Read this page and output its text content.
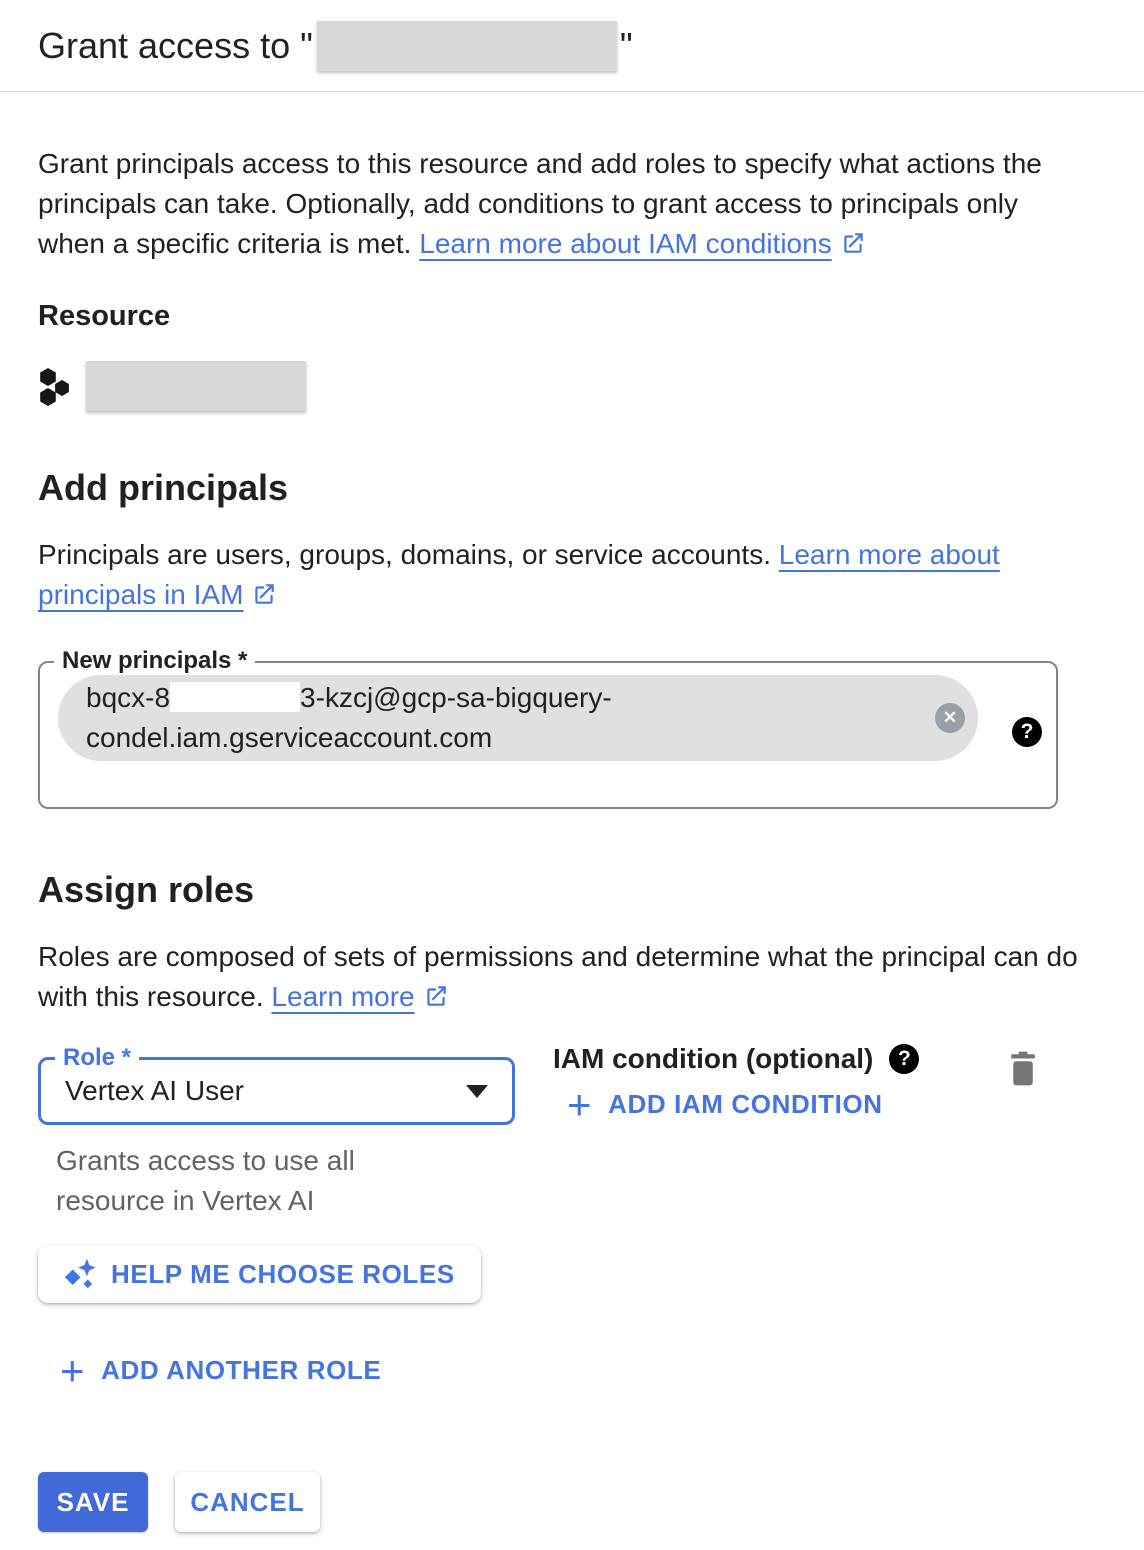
Grant access to "	"

Grant principals access to this resource and add roles to specify what actions the principals can take. Optionally, add conditions to grant access to principals only when a specific criteria is met. Learn more about IAM conditions

Resource
Add principals

Principals are users, groups, domains, or service accounts. Learn more about principals in IAM

New principals *
bqcx-8	3-kzcj@gcp-sa-bigquery-
condel.iam.gserviceaccount.com
✕
?
Assign roles

Roles are composed of sets of permissions and determine what the principal can do with this resource. Learn more

Role *
Vertex AI User
Grants access to use all resource in Vertex AI
IAM condition (optional) ?
+ ADD IAM CONDITION
HELP ME CHOOSE ROLES
+ ADD ANOTHER ROLE
SAVE	CANCEL
